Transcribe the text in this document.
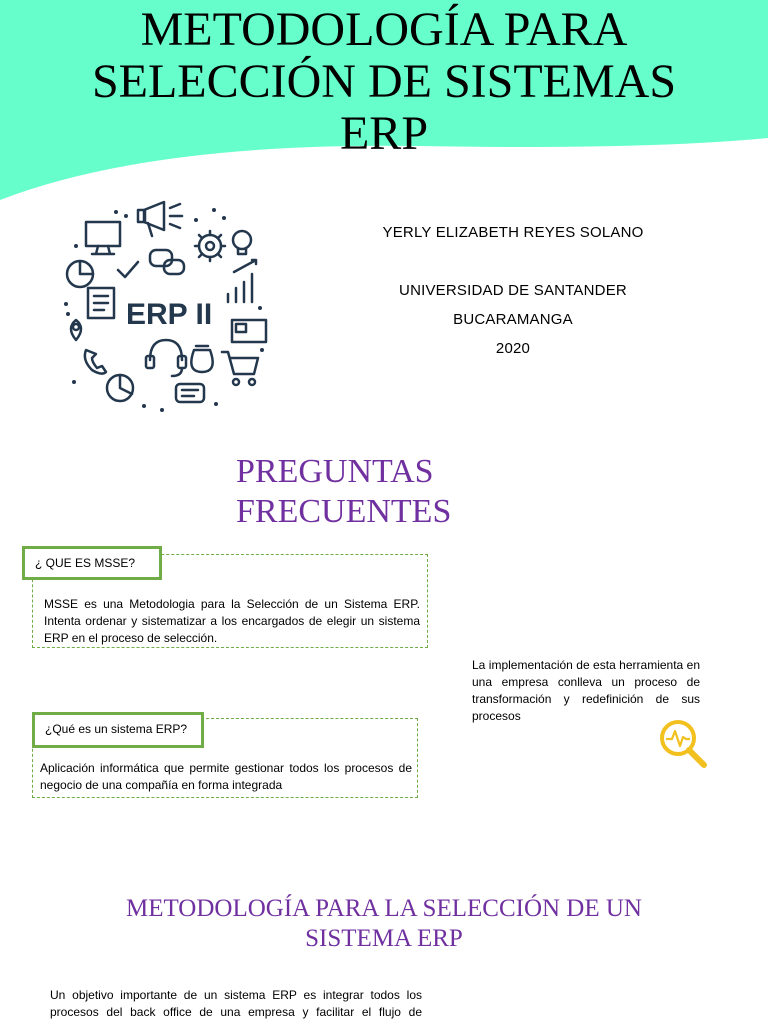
METODOLOGÍA PARA
SELECCIÓN DE SISTEMAS
ERP
ERP II
YERLY ELIZABETH REYES SOLANO
UNIVERSIDAD DE SANTANDER
BUCARAMANGA
2020
PREGUNTAS
FRECUENTES
¿ QUE ES MSSE?
MSSE es una Metodologia para la Selección de un Sistema ERP. Intenta ordenar y sistematizar a los encargados de elegir un sistema ERP en el proceso de selección.
La implementación de esta herramienta en una empresa conlleva un proceso de transformación y redefinición de sus procesos
¿Qué es un sistema ERP?
Aplicación informática que permite gestionar todos los procesos de negocio de una compañía en forma integrada
METODOLOGÍA PARA LA SELECCIÓN DE UN
SISTEMA ERP
Un objetivo importante de un sistema ERP es integrar todos los procesos del back office de una empresa y facilitar el flujo de
